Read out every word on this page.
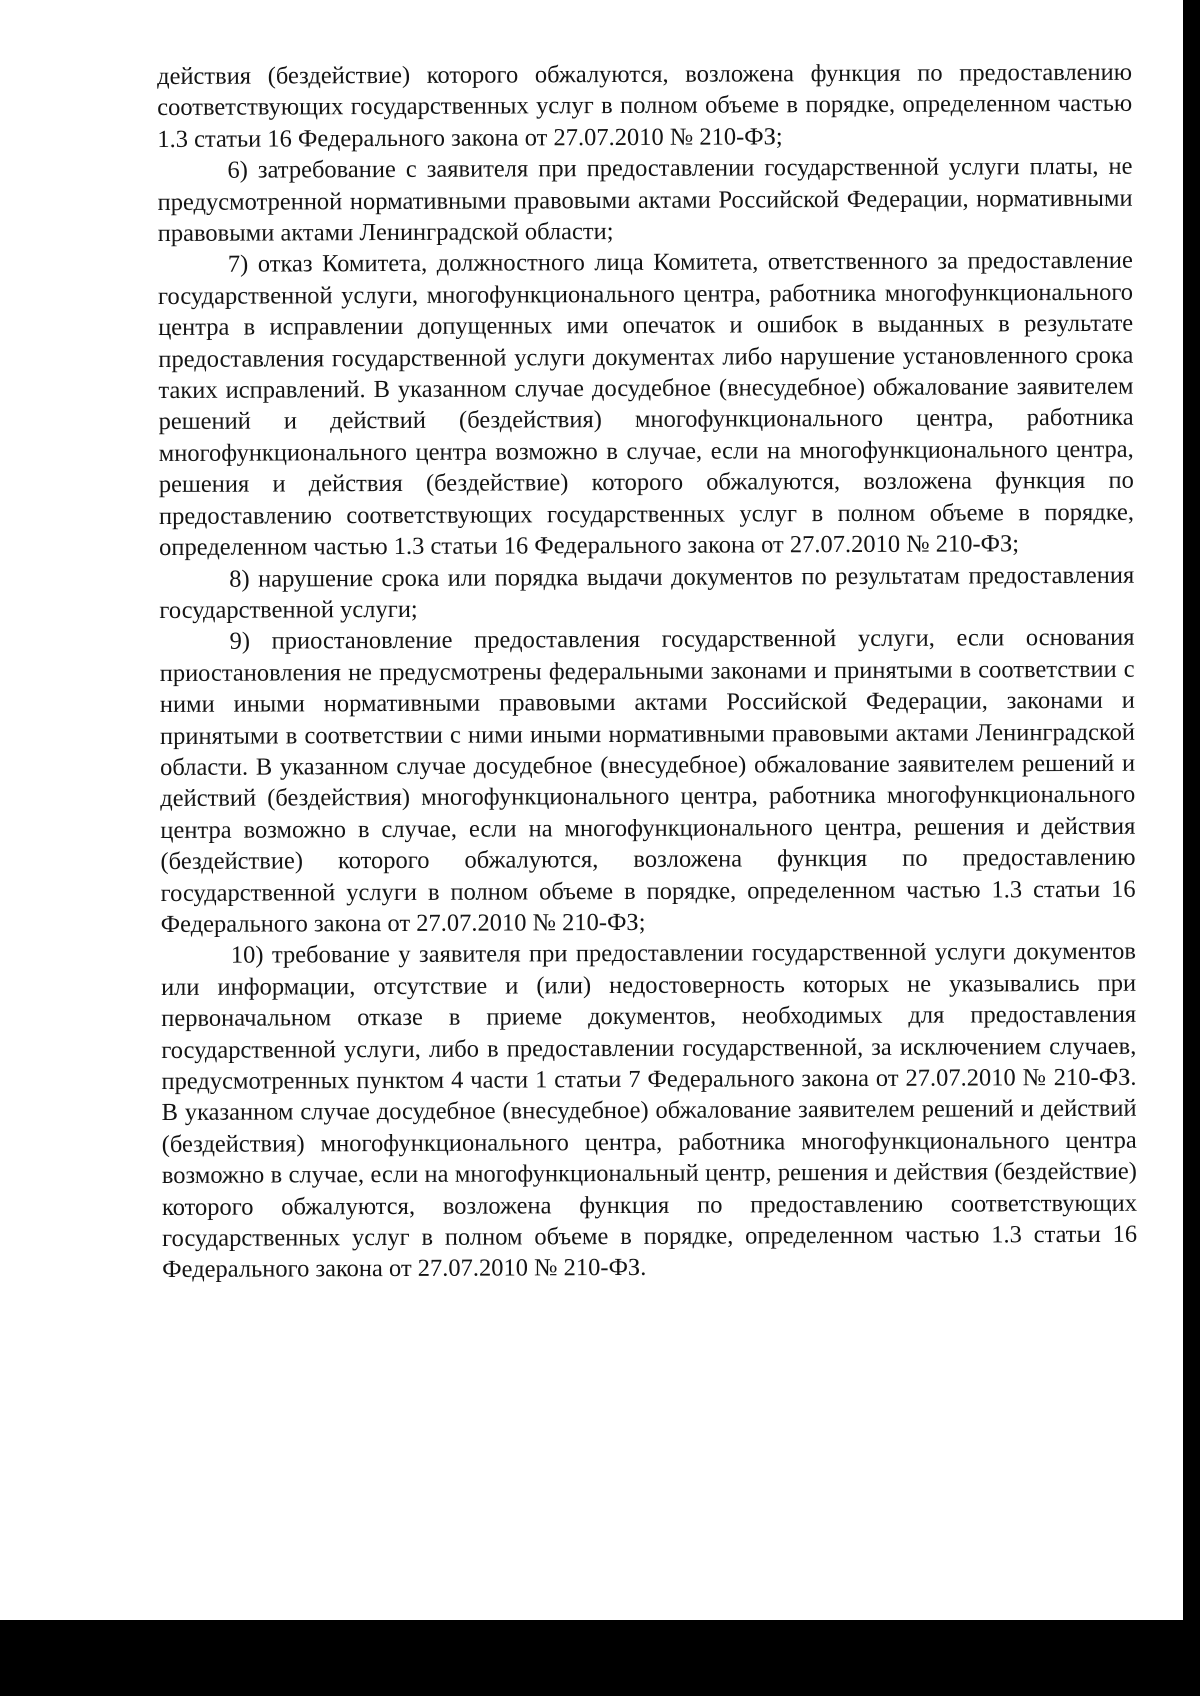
действия (бездействие) которого обжалуются, возложена функция по предоставлению соответствующих государственных услуг в полном объеме в порядке, определенном частью 1.3 статьи 16 Федерального закона от 27.07.2010 № 210-ФЗ;

6) затребование с заявителя при предоставлении государственной услуги платы, не предусмотренной нормативными правовыми актами Российской Федерации, нормативными правовыми актами Ленинградской области;

7) отказ Комитета, должностного лица Комитета, ответственного за предоставление государственной услуги, многофункционального центра, работника многофункционального центра в исправлении допущенных ими опечаток и ошибок в выданных в результате предоставления государственной услуги документах либо нарушение установленного срока таких исправлений. В указанном случае досудебное (внесудебное) обжалование заявителем решений и действий (бездействия) многофункционального центра, работника многофункционального центра возможно в случае, если на многофункционального центра, решения и действия (бездействие) которого обжалуются, возложена функция по предоставлению соответствующих государственных услуг в полном объеме в порядке, определенном частью 1.3 статьи 16 Федерального закона от 27.07.2010 № 210-ФЗ;

8) нарушение срока или порядка выдачи документов по результатам предоставления государственной услуги;

9) приостановление предоставления государственной услуги, если основания приостановления не предусмотрены федеральными законами и принятыми в соответствии с ними иными нормативными правовыми актами Российской Федерации, законами и принятыми в соответствии с ними иными нормативными правовыми актами Ленинградской области. В указанном случае досудебное (внесудебное) обжалование заявителем решений и действий (бездействия) многофункционального центра, работника многофункционального центра возможно в случае, если на многофункционального центра, решения и действия (бездействие) которого обжалуются, возложена функция по предоставлению государственной услуги в полном объеме в порядке, определенном частью 1.3 статьи 16 Федерального закона от 27.07.2010 № 210-ФЗ;

10) требование у заявителя при предоставлении государственной услуги документов или информации, отсутствие и (или) недостоверность которых не указывались при первоначальном отказе в приеме документов, необходимых для предоставления государственной услуги, либо в предоставлении государственной, за исключением случаев, предусмотренных пунктом 4 части 1 статьи 7 Федерального закона от 27.07.2010 № 210-ФЗ. В указанном случае досудебное (внесудебное) обжалование заявителем решений и действий (бездействия) многофункционального центра, работника многофункционального центра возможно в случае, если на многофункциональный центр, решения и действия (бездействие) которого обжалуются, возложена функция по предоставлению соответствующих государственных услуг в полном объеме в порядке, определенном частью 1.3 статьи 16 Федерального закона от 27.07.2010 № 210-ФЗ.
